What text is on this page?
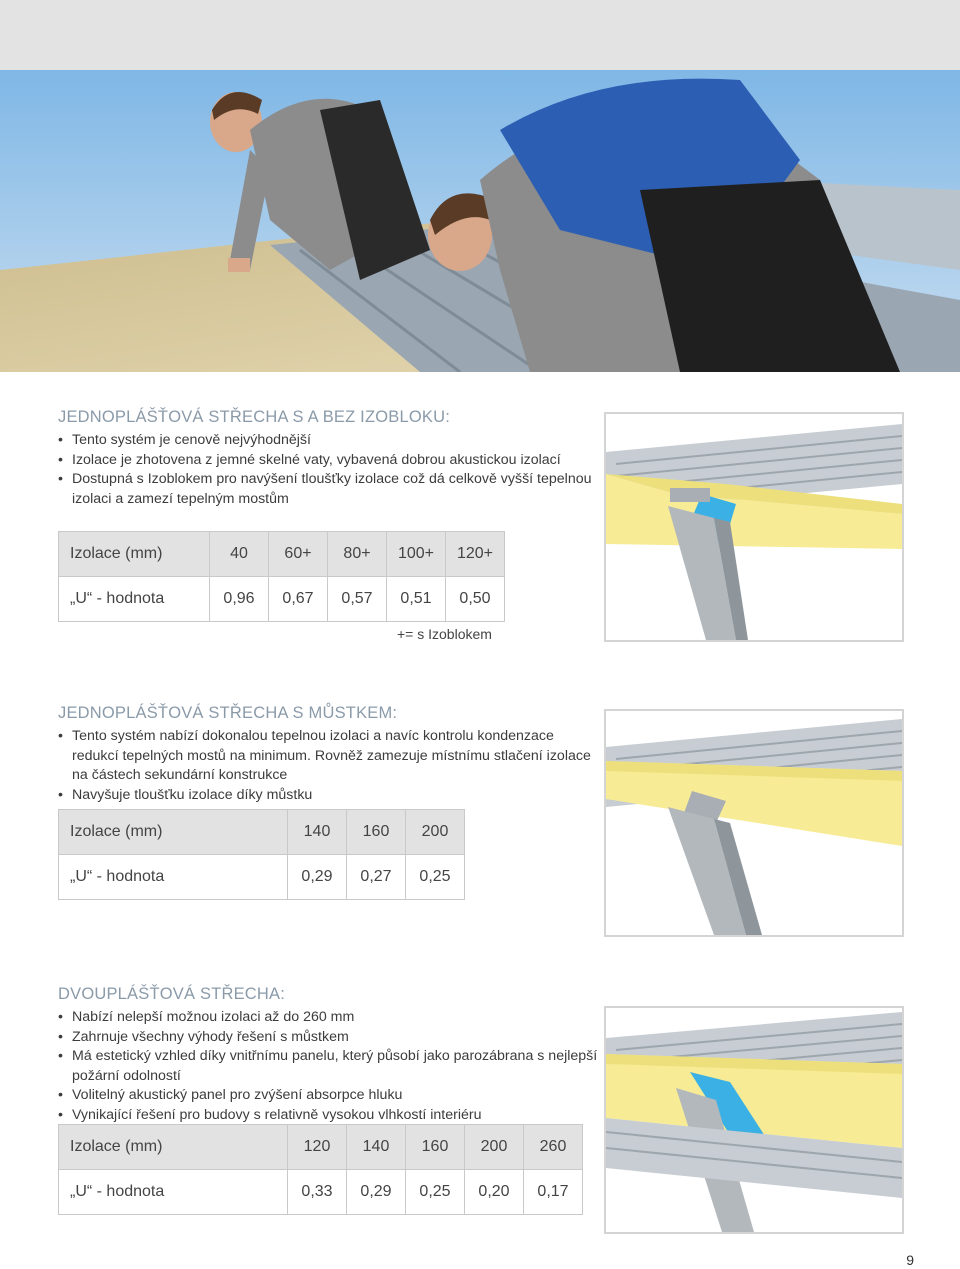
JEDNOPLÁŠŤOVÁ STŘECHA S A BEZ IZOBLOKU:
• Tento systém je cenově nejvýhodnější
• Izolace je zhotovena z jemné skelné vaty, vybavená dobrou akustickou izolací
• Dostupná s Izoblokem pro navýšení tloušťky izolace což dá celkově vyšší tepelnou izolaci a zamezí tepelným mostům
Izolace (mm)	40	60+	80+	100+	120+
„U“ - hodnota	0,96	0,67	0,57	0,51	0,50
+= s Izoblokem
JEDNOPLÁŠŤOVÁ STŘECHA S MŮSTKEM:
• Tento systém nabízí dokonalou tepelnou izolaci a navíc kontrolu kondenzace redukcí tepelných mostů na minimum. Rovněž zamezuje místnímu stlačení izolace na částech sekundární konstrukce
• Navyšuje tloušťku izolace díky můstku
Izolace (mm)	140	160	200
„U“ - hodnota	0,29	0,27	0,25
DVOUPLÁŠŤOVÁ STŘECHA:
• Nabízí nelepší možnou izolaci až do 260 mm
• Zahrnuje všechny výhody řešení s můstkem
• Má estetický vzhled díky vnitřnímu panelu, který působí jako parozábrana s nejlepší požární odolností
• Volitelný akustický panel pro zvýšení absorpce hluku
• Vynikající řešení pro budovy s relativně vysokou vlhkostí interiéru
Izolace (mm)	120	140	160	200	260
„U“ - hodnota	0,33	0,29	0,25	0,20	0,17
9
